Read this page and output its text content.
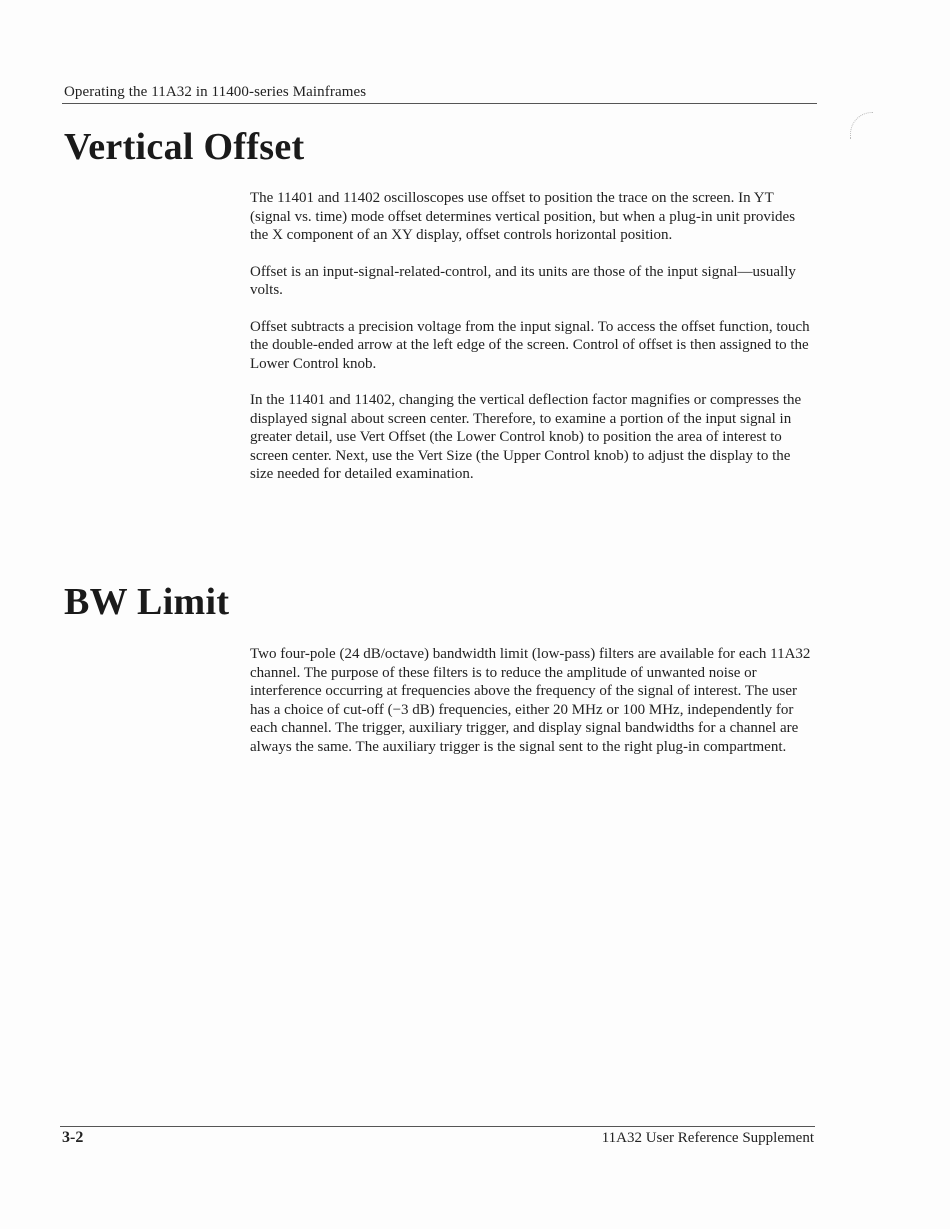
Operating the 11A32 in 11400-series Mainframes
Vertical Offset

The 11401 and 11402 oscilloscopes use offset to position the trace on the screen. In YT (signal vs. time) mode offset determines vertical position, but when a plug-in unit provides the X component of an XY display, offset controls horizontal position.

Offset is an input-signal-related-control, and its units are those of the input signal—usually volts.

Offset subtracts a precision voltage from the input signal. To access the offset function, touch the double-ended arrow at the left edge of the screen. Control of offset is then assigned to the Lower Control knob.

In the 11401 and 11402, changing the vertical deflection factor magnifies or compresses the displayed signal about screen center. Therefore, to examine a portion of the input signal in greater detail, use Vert Offset (the Lower Control knob) to position the area of interest to screen center. Next, use the Vert Size (the Upper Control knob) to adjust the display to the size needed for detailed examination.

BW Limit

Two four-pole (24 dB/octave) bandwidth limit (low-pass) filters are available for each 11A32 channel. The purpose of these filters is to reduce the amplitude of unwanted noise or interference occurring at frequencies above the frequency of the signal of interest. The user has a choice of cut-off (−3 dB) frequencies, either 20 MHz or 100 MHz, independently for each channel. The trigger, auxiliary trigger, and display signal bandwidths for a channel are always the same. The auxiliary trigger is the signal sent to the right plug-in compartment.

3-2	11A32 User Reference Supplement
